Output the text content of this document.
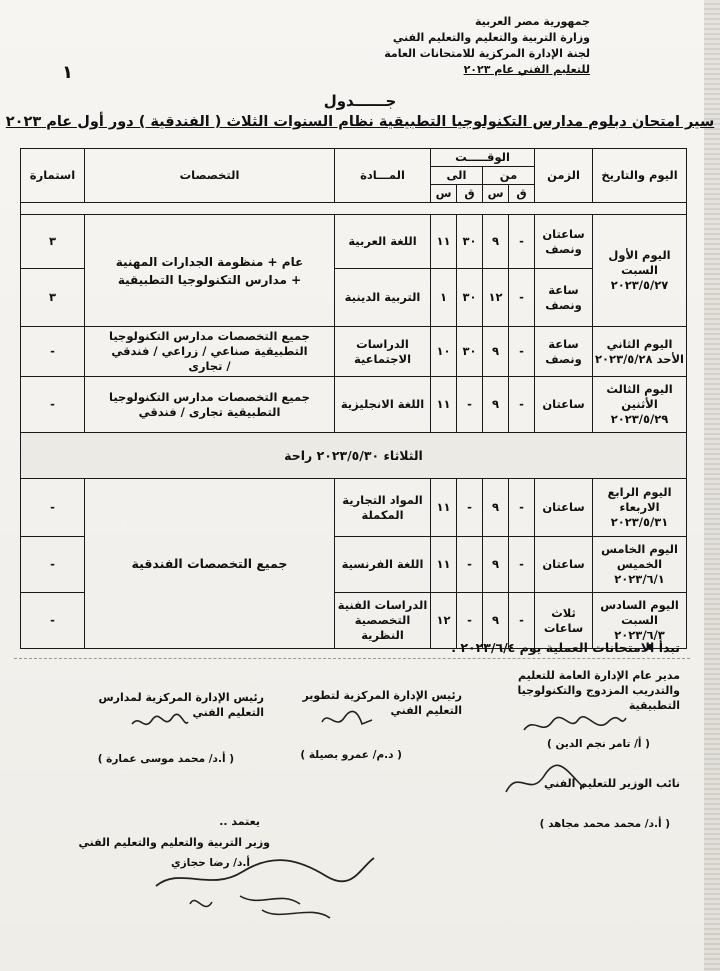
جمهورية مصر العربية
وزارة التربية والتعليم والتعليم الفني
لجنة الإدارة المركزية للامتحانات العامة
للتعليم الفني عام ٢٠٢٣
١
جــــــدول
سير امتحان دبلوم مدارس التكنولوجيا التطبيقية نظام السنوات الثلاث ( الفندقية ) دور أول عام ٢٠٢٣
اليوم والتاريخ	الزمن	الوقـــــت				المـــادة	التخصصات	استمارة
		من		الى				
		ق	س	ق	س			

اليوم الأول السبت ٢٠٢٣/٥/٢٧	ساعتان ونصف	-	٩	٣٠	١١	اللغة العربية	عام + منظومة الجدارات المهنية + مدارس التكنولوجيا التطبيقية	٣
	ساعة ونصف	-	١٢	٣٠	١	التربية الدينية		٣
اليوم الثاني الأحد ٢٠٢٣/٥/٢٨	ساعة ونصف	-	٩	٣٠	١٠	الدراسات الاجتماعية	جميع التخصصات مدارس التكنولوجيا التطبيقية صناعي / زراعي / فندقي / تجارى	-
اليوم الثالث الأثنين ٢٠٢٣/٥/٢٩	ساعتان	-	٩	-	١١	اللغة الانجليزية	جميع التخصصات مدارس التكنولوجيا التطبيقية تجارى / فندقي	-
الثلاثاء ٢٠٢٣/٥/٣٠ راحة								
اليوم الرابع الاربعاء ٢٠٢٣/٥/٣١	ساعتان	-	٩	-	١١	المواد التجارية المكملة	جميع التخصصات الفندقية	-
اليوم الخامس الخميس ٢٠٢٣/٦/١	ساعتان	-	٩	-	١١	اللغة الفرنسية		-
اليوم السادس السبت ٢٠٢٣/٦/٣	ثلاث ساعات	-	٩	-	١٢	الدراسات الفنية التخصصية النظرية		-
تبدأ الامتحانات العملية يوم ٢٠٢٣/٦/٤ .
مدير عام الإدارة العامة للتعليم والتدريب المزدوج والتكنولوجيا التطبيقية
( أ/ تامر نجم الدين )
رئيس الإدارة المركزية لتطوير التعليم الفني
( د.م/ عمرو بصيلة )
رئيس الإدارة المركزية لمدارس التعليم الفني
( أ.د/ محمد موسى عمارة )
نائب الوزير للتعليم الفني
( أ.د/ محمد محمد مجاهد )
يعتمد ..
وزير التربية والتعليم والتعليم الفني
أ.د/ رضا حجازي
